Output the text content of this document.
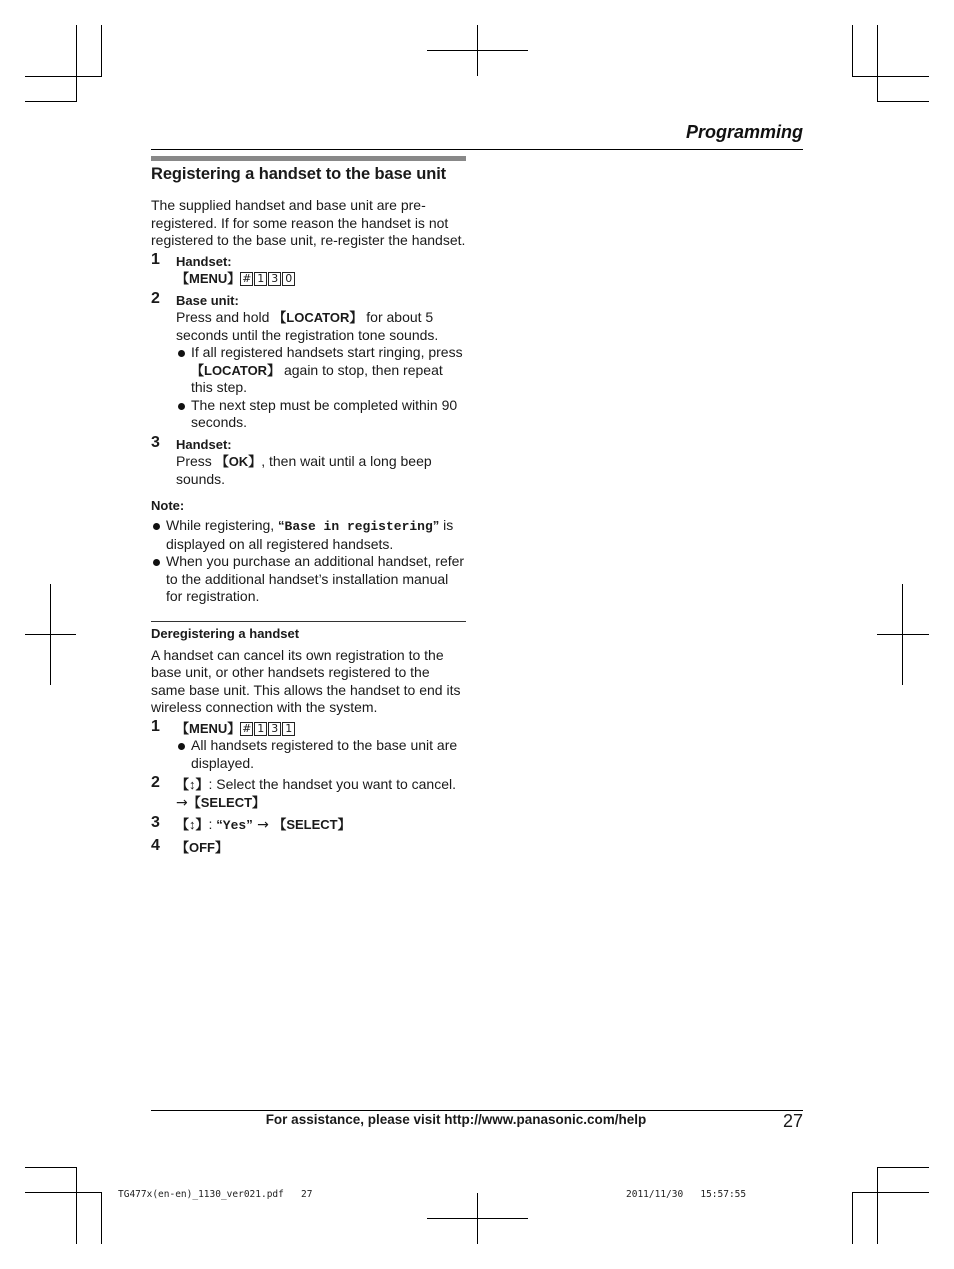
Programming
Registering a handset to the base unit
The supplied handset and base unit are pre-registered. If for some reason the handset is not registered to the base unit, re-register the handset.
1 Handset:
【MENU】 # 1 3 0
2 Base unit:
Press and hold 【LOCATOR】 for about 5 seconds until the registration tone sounds.
If all registered handsets start ringing, press 【LOCATOR】 again to stop, then repeat this step.
The next step must be completed within 90 seconds.
3 Handset:
Press 【OK】, then wait until a long beep sounds.
Note:
While registering, “Base in registering” is displayed on all registered handsets.
When you purchase an additional handset, refer to the additional handset’s installation manual for registration.
Deregistering a handset
A handset can cancel its own registration to the base unit, or other handsets registered to the same base unit. This allows the handset to end its wireless connection with the system.
1 【MENU】 # 1 3 1
All handsets registered to the base unit are displayed.
2 【↕】: Select the handset you want to cancel.
→【SELECT】
3 【↕】: “Yes” → 【SELECT】
4 【OFF】
For assistance, please visit http://www.panasonic.com/help	27
TG477x(en-en)_1130_ver021.pdf   27	2011/11/30   15:57:55
